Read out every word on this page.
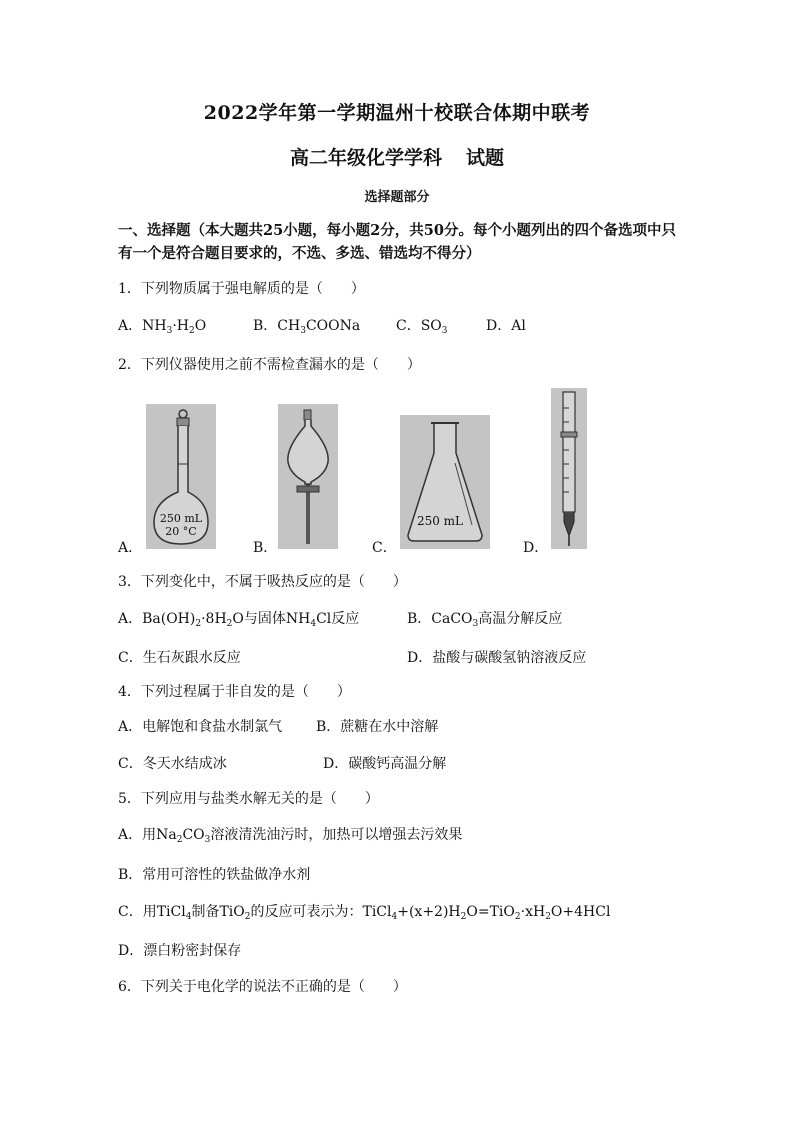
2022学年第一学期温州十校联合体期中联考
高二年级化学学科 试题
选择题部分
一、选择题（本大题共25小题，每小题2分，共50分。每个小题列出的四个备选项中只有一个是符合题目要求的，不选、多选、错选均不得分）
1．下列物质属于强电解质的是（　　）
A．$NH_3\cdot H_2O$	B．$CH_3COONa$	C．$SO_3$	D．Al
2．下列仪器使用之前不需检查漏水的是（　　）
A．	B．	C．	D．
250 mL
20 °C
250 mL
3．下列变化中，不属于吸热反应的是（　　）
A．$Ba(OH)_2\cdot 8H_2O$与固体$NH_4Cl$反应	B．CaCO$_3$高温分解反应
C．生石灰跟水反应	D．盐酸与碳酸氢钠溶液反应
4．下列过程属于非自发的是（　　）
A．电解饱和食盐水制氯气 B．蔗糖在水中溶解
C．冬天水结成冰	D．碳酸钙高温分解
5．下列应用与盐类水解无关的是（　　）
A．用$Na_2CO_3$溶液清洗油污时，加热可以增强去污效果
B．常用可溶性的铁盐做净水剂
C．用TiCl$_4$制备TiO$_2$的反应可表示为：$TiCl_4+(x+2)H_2O=TiO_2\cdot xH_2O+4HCl$
D．漂白粉密封保存
6．下列关于电化学的说法不正确的是（　　）
